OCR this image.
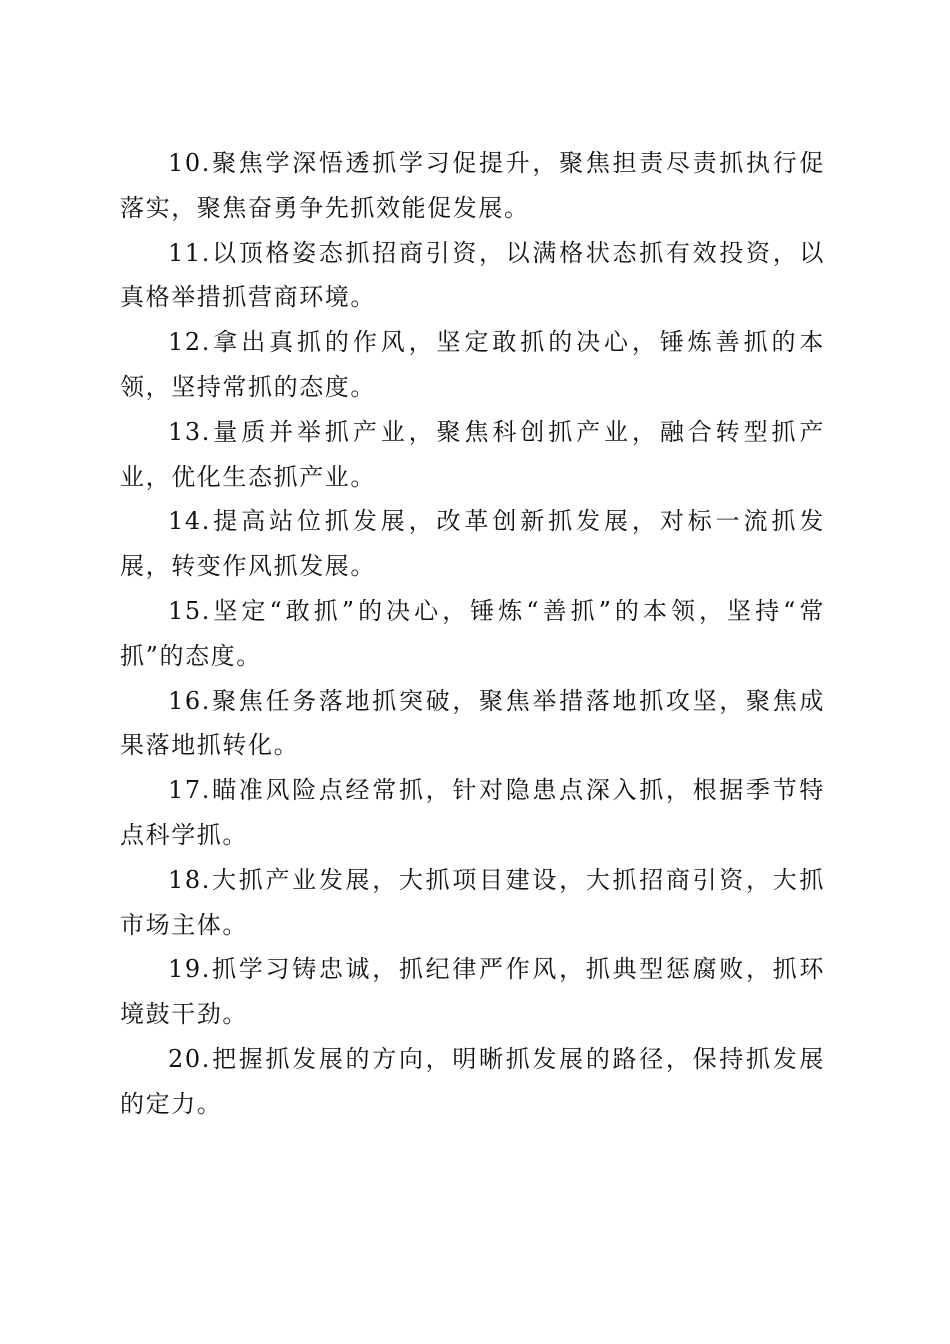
10.聚焦学深悟透抓学习促提升，聚焦担责尽责抓执行促落实，聚焦奋勇争先抓效能促发展。

11.以顶格姿态抓招商引资，以满格状态抓有效投资，以真格举措抓营商环境。

12.拿出真抓的作风，坚定敢抓的决心，锤炼善抓的本领，坚持常抓的态度。

13.量质并举抓产业，聚焦科创抓产业，融合转型抓产业，优化生态抓产业。

14.提高站位抓发展，改革创新抓发展，对标一流抓发展，转变作风抓发展。

15.坚定“敢抓”的决心，锤炼“善抓”的本领，坚持“常抓”的态度。

16.聚焦任务落地抓突破，聚焦举措落地抓攻坚，聚焦成果落地抓转化。

17.瞄准风险点经常抓，针对隐患点深入抓，根据季节特点科学抓。

18.大抓产业发展，大抓项目建设，大抓招商引资，大抓市场主体。

19.抓学习铸忠诚，抓纪律严作风，抓典型惩腐败，抓环境鼓干劲。

20.把握抓发展的方向，明晰抓发展的路径，保持抓发展的定力。
